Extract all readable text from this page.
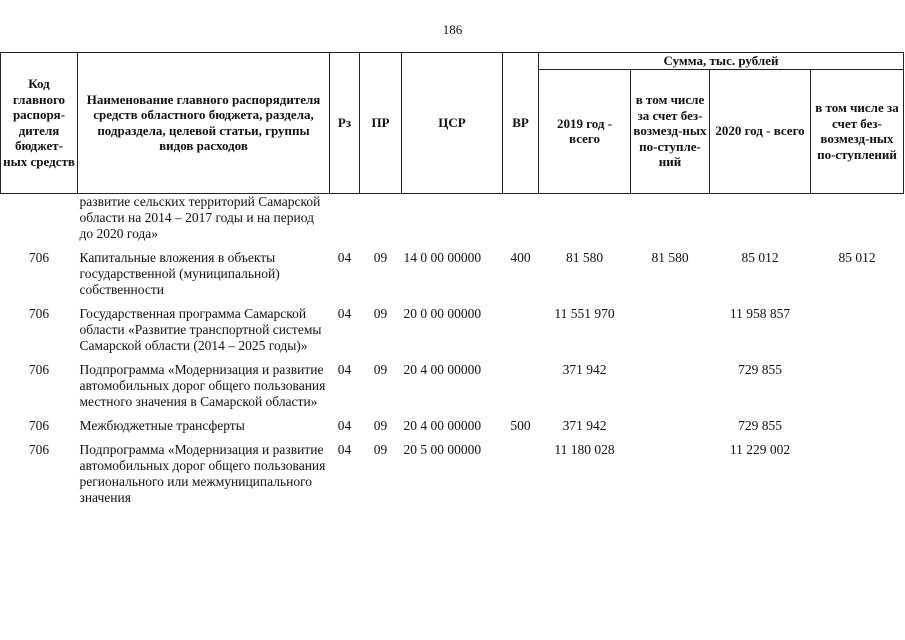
186
Код главного распоря-дителя бюджет-ных средств	Наименование главного распорядителя средств областного бюджета, раздела, подраздела, целевой статьи, группы видов расходов	Рз	ПР	ЦСР	ВР	Сумма, тыс. рублей			
						2019 год - всего	в том числе за счет без-возмезд-ных по-ступле-ний	2020 год - всего	в том числе за счет без-возмезд-ных по-ступлений
	развитие сельских территорий Самарской области на 2014 – 2017 годы и на период до 2020 года»								
706	Капитальные вложения в объекты государственной (муниципальной) собственности	04	09	14 0 00 00000	400	81 580	81 580	85 012	85 012
706	Государственная программа Самарской области «Развитие транспортной системы Самарской области (2014 – 2025 годы)»	04	09	20 0 00 00000		11 551 970		11 958 857	
706	Подпрограмма «Модернизация и развитие автомобильных дорог общего пользования местного значения в Самарской области»	04	09	20 4 00 00000		371 942		729 855	
706	Межбюджетные трансферты	04	09	20 4 00 00000	500	371 942		729 855	
706	Подпрограмма «Модернизация и развитие автомобильных дорог общего пользования регионального или межмуниципального значения	04	09	20 5 00 00000		11 180 028		11 229 002	
